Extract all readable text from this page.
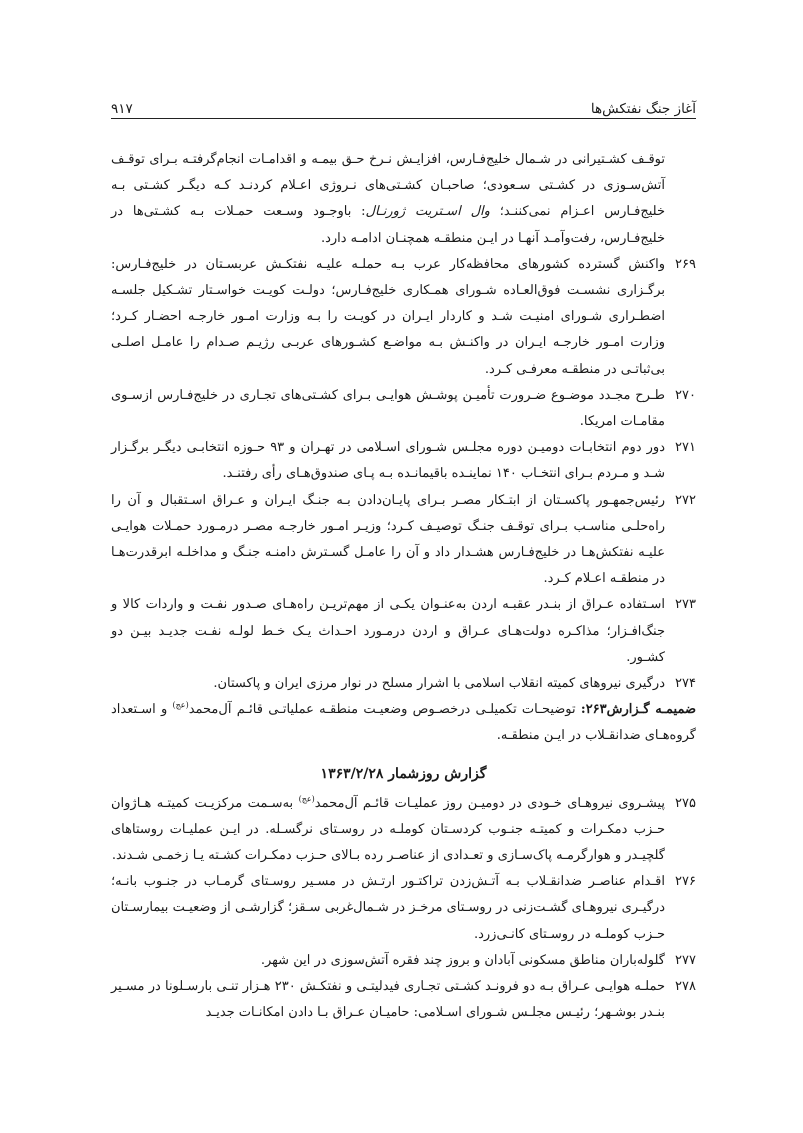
آغاز جنگ نفتکش‌ها
۹۱۷

توقـف کشـتیرانی در شـمال خلیج‌فـارس، افزایـش نـرخ حـق بیمـه و اقدامـات انجام‌گرفتـه بـرای توقـف آتش‌سـوزی در کشـتی سـعودی؛ صاحبـان کشـتی‌های نـروژی اعـلام کردنـد کـه دیگـر کشـتی بـه خلیج‌فـارس اعـزام نمی‌کننـد؛ وال اسـتریت ژورنـال: باوجـود وسـعت حمـلات بـه کشـتی‌ها در خلیج‌فـارس، رفت‌وآمـد آنهـا در ایـن منطقـه همچنـان ادامـه دارد.

۲۶۹
واکنش گسترده کشورهای محافظه‌کار عرب بـه حملـه علیـه نفتکـش عربسـتان در خلیج‌فـارس: برگـزاری نشسـت فوق‌العـاده شـورای همـکاری خلیج‌فـارس؛ دولـت کویـت خواسـتار تشـکیل جلسـه اضطـراری شـورای امنیـت شـد و کاردار ایـران در کویـت را بـه وزارت امـور خارجـه احضـار کـرد؛ وزارت امـور خارجـه ایـران در واکنـش بـه مواضـع کشـورهای عربـی رژیـم صـدام را عامـل اصلـی بی‌ثباتـی در منطقـه معرفـی کـرد.
۲۷۰
طـرح مجـدد موضـوع ضـرورت تأمیـن پوشـش هوایـی بـرای کشـتی‌های تجـاری در خلیج‌فـارس ازسـوی مقامـات امریکا.
۲۷۱
دور دوم انتخابـات دومیـن دوره مجلـس شـورای اسـلامی در تهـران و ۹۳ حـوزه انتخابـی دیگـر برگـزار شـد و مـردم بـرای انتخـاب ۱۴۰ نماینـده باقیمانـده بـه پـای صندوق‌هـای رأی رفتنـد.
۲۷۲
رئیس‌جمهـور پاکسـتان از ابتـکار مصـر بـرای پایـان‌دادن بـه جنـگ ایـران و عـراق اسـتقبال و آن را راه‌حلـی مناسـب بـرای توقـف جنـگ توصیـف کـرد؛ وزیـر امـور خارجـه مصـر درمـورد حمـلات هوایـی علیـه نفتکش‌هـا در خلیج‌فـارس هشـدار داد و آن را عامـل گسـترش دامنـه جنـگ و مداخلـه ابرقدرت‌هـا در منطقـه اعـلام کـرد.
۲۷۳
اسـتفاده عـراق از بنـدر عقبـه اردن به‌عنـوان یکـی از مهم‌تریـن راه‌هـای صـدور نفـت و واردات کالا و جنگ‌افـزار؛ مذاکـره دولت‌هـای عـراق و اردن درمـورد احـداث یـک خـط لولـه نفـت جدیـد بیـن دو کشـور.
۲۷۴
درگیری نیروهای کمیته انقلاب اسلامی با اشرار مسلح در نوار مرزی ایران و پاکستان.

ضمیمـه گـزارش۲۶۳: توضیحـات تکمیلـی درخصـوص وضعیـت منطقـه عملیاتـی قائـم آل‌محمد$^{(عج)}$ و اسـتعداد گروه‌هـای ضدانقـلاب در ایـن منطقـه.

گزارش روزشمار ۱۳۶۳/۲/۲۸
۲۷۵
پیشـروی نیروهـای خـودی در دومیـن روز عملیـات قائـم آل‌محمد$^{(عج)}$ به‌سـمت مرکزیـت کمیتـه هـاژوان حـزب دمکـرات و کمیتـه جنـوب کردسـتان کوملـه در روسـتای نرگسـله. در ایـن عملیـات روستاهای گلچیـدر و هوارگرمـه پاک‌سـازی و تعـدادی از عناصـر رده بـالای حـزب دمکـرات کشـته یـا زخمـی شـدند.
۲۷۶
اقـدام عناصـر ضدانقـلاب بـه آتـش‌زدن تراکتـور ارتـش در مسـیر روسـتای گرمـاب در جنـوب بانـه؛ درگیـری نیروهـای گشـت‌زنی در روسـتای مرخـز در شـمال‌غربی سـقز؛ گزارشـی از وضعیـت بیمارسـتان حـزب کوملـه در روسـتای کانـی‌زرد.
۲۷۷
گلوله‌باران مناطق مسکونی آبادان و بروز چند فقره آتش‌سوزی در این شهر.
۲۷۸
حملـه هوایـی عـراق بـه دو فرونـد کشـتی تجـاری فیدلیتـی و نفتکـش ۲۳۰ هـزار تنـی بارسـلونا در مسـیر بنـدر بوشـهر؛ رئیـس مجلـس شـورای اسـلامی: حامیـان عـراق بـا دادن امکانـات جدیـد
